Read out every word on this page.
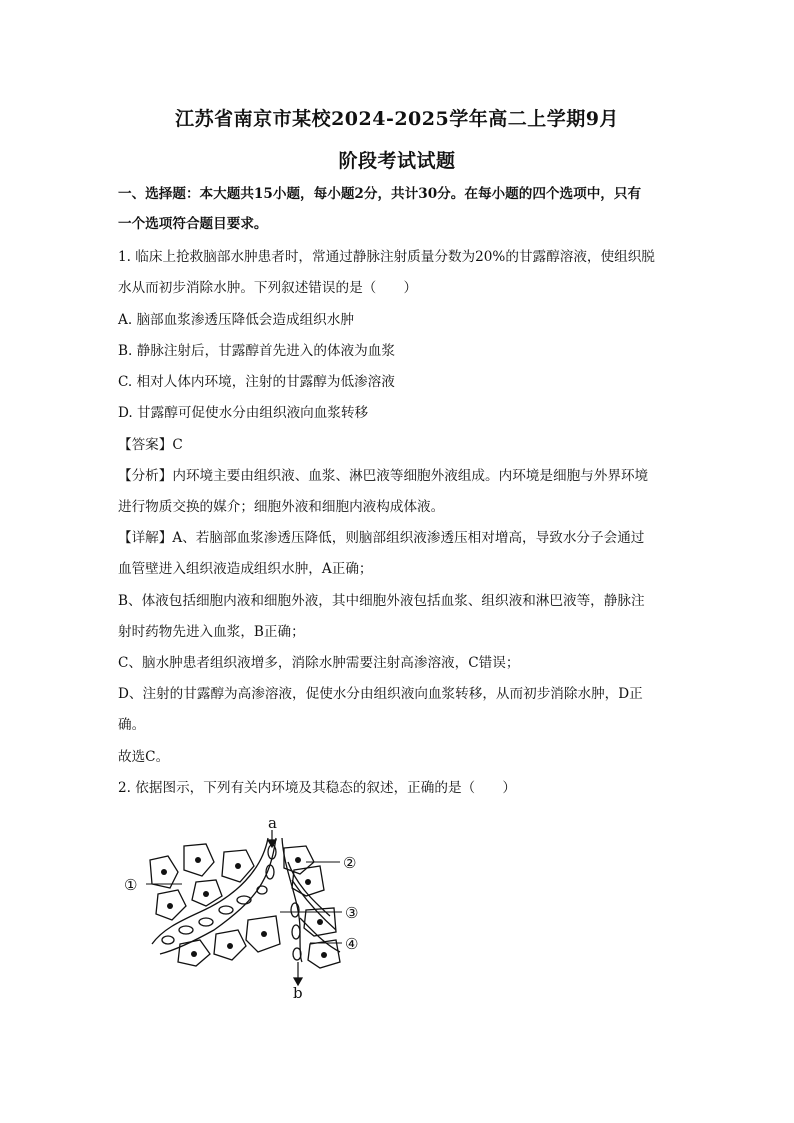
江苏省南京市某校2024-2025学年高二上学期9月
阶段考试试题
一、选择题：本大题共15小题，每小题2分，共计30分。在每小题的四个选项中，只有
一个选项符合题目要求。
1. 临床上抢救脑部水肿患者时，常通过静脉注射质量分数为20%的甘露醇溶液，使组织脱
水从而初步消除水肿。下列叙述错误的是（　　）
A. 脑部血浆渗透压降低会造成组织水肿
B. 静脉注射后，甘露醇首先进入的体液为血浆
C. 相对人体内环境，注射的甘露醇为低渗溶液
D. 甘露醇可促使水分由组织液向血浆转移
【答案】C
【分析】内环境主要由组织液、血浆、淋巴液等细胞外液组成。内环境是细胞与外界环境
进行物质交换的媒介；细胞外液和细胞内液构成体液。
【详解】A、若脑部血浆渗透压降低，则脑部组织液渗透压相对增高，导致水分子会通过
血管壁进入组织液造成组织水肿，A正确；
B、体液包括细胞内液和细胞外液，其中细胞外液包括血浆、组织液和淋巴液等，静脉注
射时药物先进入血浆，B正确；
C、脑水肿患者组织液增多，消除水肿需要注射高渗溶液，C错误；
D、注射的甘露醇为高渗溶液，促使水分由组织液向血浆转移，从而初步消除水肿，D正
确。
故选C。
2. 依据图示，下列有关内环境及其稳态的叙述，正确的是（　　）
a
b
①
②
③
④
